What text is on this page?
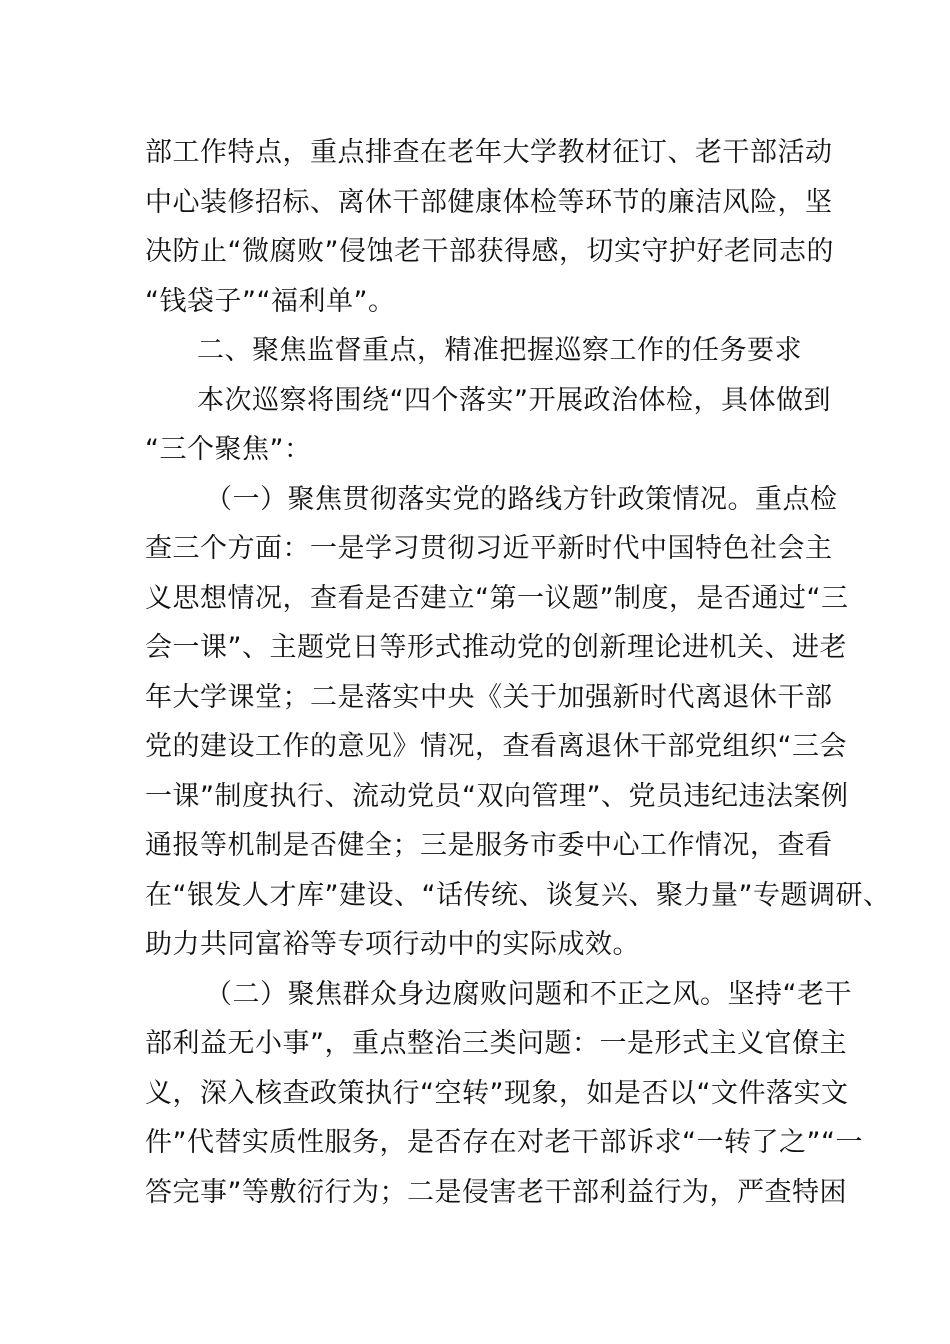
部工作特点，重点排查在老年大学教材征订、老干部活动
中心装修招标、离休干部健康体检等环节的廉洁风险，坚
决防止“微腐败”侵蚀老干部获得感，切实守护好老同志的
“钱袋子”“福利单”。
二、聚焦监督重点，精准把握巡察工作的任务要求
本次巡察将围绕“四个落实”开展政治体检，具体做到
“三个聚焦”：
（一）聚焦贯彻落实党的路线方针政策情况。重点检
查三个方面：一是学习贯彻习近平新时代中国特色社会主
义思想情况，查看是否建立“第一议题”制度，是否通过“三
会一课”、主题党日等形式推动党的创新理论进机关、进老
年大学课堂；二是落实中央《关于加强新时代离退休干部
党的建设工作的意见》情况，查看离退休干部党组织“三会
一课”制度执行、流动党员“双向管理”、党员违纪违法案例
通报等机制是否健全；三是服务市委中心工作情况，查看
在“银发人才库”建设、“话传统、谈复兴、聚力量”专题调研、
助力共同富裕等专项行动中的实际成效。
（二）聚焦群众身边腐败问题和不正之风。坚持“老干
部利益无小事”，重点整治三类问题：一是形式主义官僚主
义，深入核查政策执行“空转”现象，如是否以“文件落实文
件”代替实质性服务，是否存在对老干部诉求“一转了之”“一
答完事”等敷衍行为；二是侵害老干部利益行为，严查特困
